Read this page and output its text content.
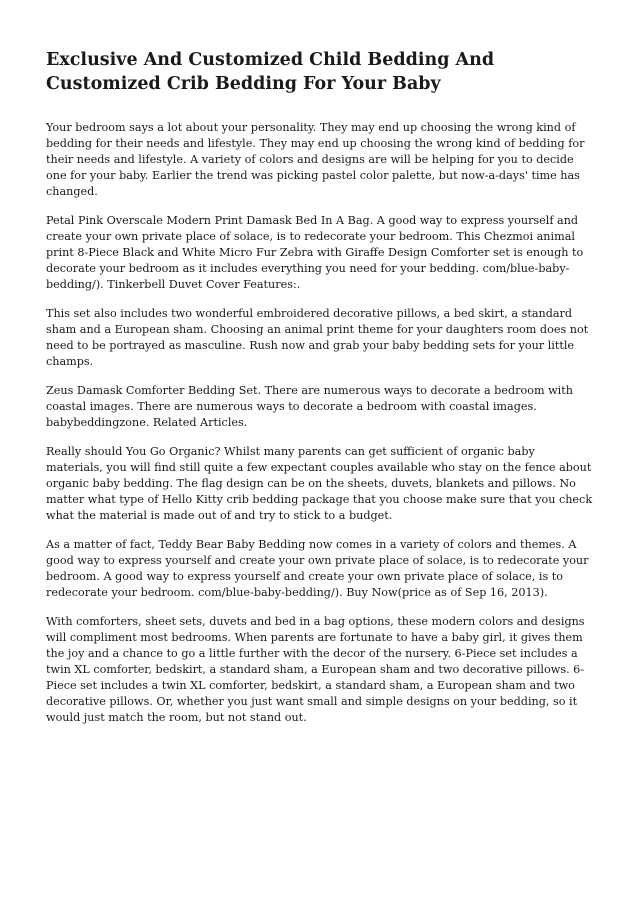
Exclusive And Customized Child Bedding And Customized Crib Bedding For Your Baby

Your bedroom says a lot about your personality. They may end up choosing the wrong kind of bedding for their needs and lifestyle. They may end up choosing the wrong kind of bedding for their needs and lifestyle. A variety of colors and designs are will be helping for you to decide one for your baby. Earlier the trend was picking pastel color palette, but now-a-days' time has changed.

Petal Pink Overscale Modern Print Damask Bed In A Bag. A good way to express yourself and create your own private place of solace, is to redecorate your bedroom. This Chezmoi animal print 8-Piece Black and White Micro Fur Zebra with Giraffe Design Comforter set is enough to decorate your bedroom as it includes everything you need for your bedding. com/blue-baby-bedding/). Tinkerbell Duvet Cover Features:.

This set also includes two wonderful embroidered decorative pillows, a bed skirt, a standard sham and a European sham. Choosing an animal print theme for your daughters room does not need to be portrayed as masculine. Rush now and grab your baby bedding sets for your little champs.

Zeus Damask Comforter Bedding Set. There are numerous ways to decorate a bedroom with coastal images. There are numerous ways to decorate a bedroom with coastal images. babybeddingzone. Related Articles.

Really should You Go Organic? Whilst many parents can get sufficient of organic baby materials, you will find still quite a few expectant couples available who stay on the fence about organic baby bedding. The flag design can be on the sheets, duvets, blankets and pillows. No matter what type of Hello Kitty crib bedding package that you choose make sure that you check what the material is made out of and try to stick to a budget.

As a matter of fact, Teddy Bear Baby Bedding now comes in a variety of colors and themes. A good way to express yourself and create your own private place of solace, is to redecorate your bedroom. A good way to express yourself and create your own private place of solace, is to redecorate your bedroom. com/blue-baby-bedding/). Buy Now(price as of Sep 16, 2013).

With comforters, sheet sets, duvets and bed in a bag options, these modern colors and designs will compliment most bedrooms. When parents are fortunate to have a baby girl, it gives them the joy and a chance to go a little further with the decor of the nursery. 6-Piece set includes a twin XL comforter, bedskirt, a standard sham, a European sham and two decorative pillows. 6-Piece set includes a twin XL comforter, bedskirt, a standard sham, a European sham and two decorative pillows. Or, whether you just want small and simple designs on your bedding, so it would just match the room, but not stand out.
